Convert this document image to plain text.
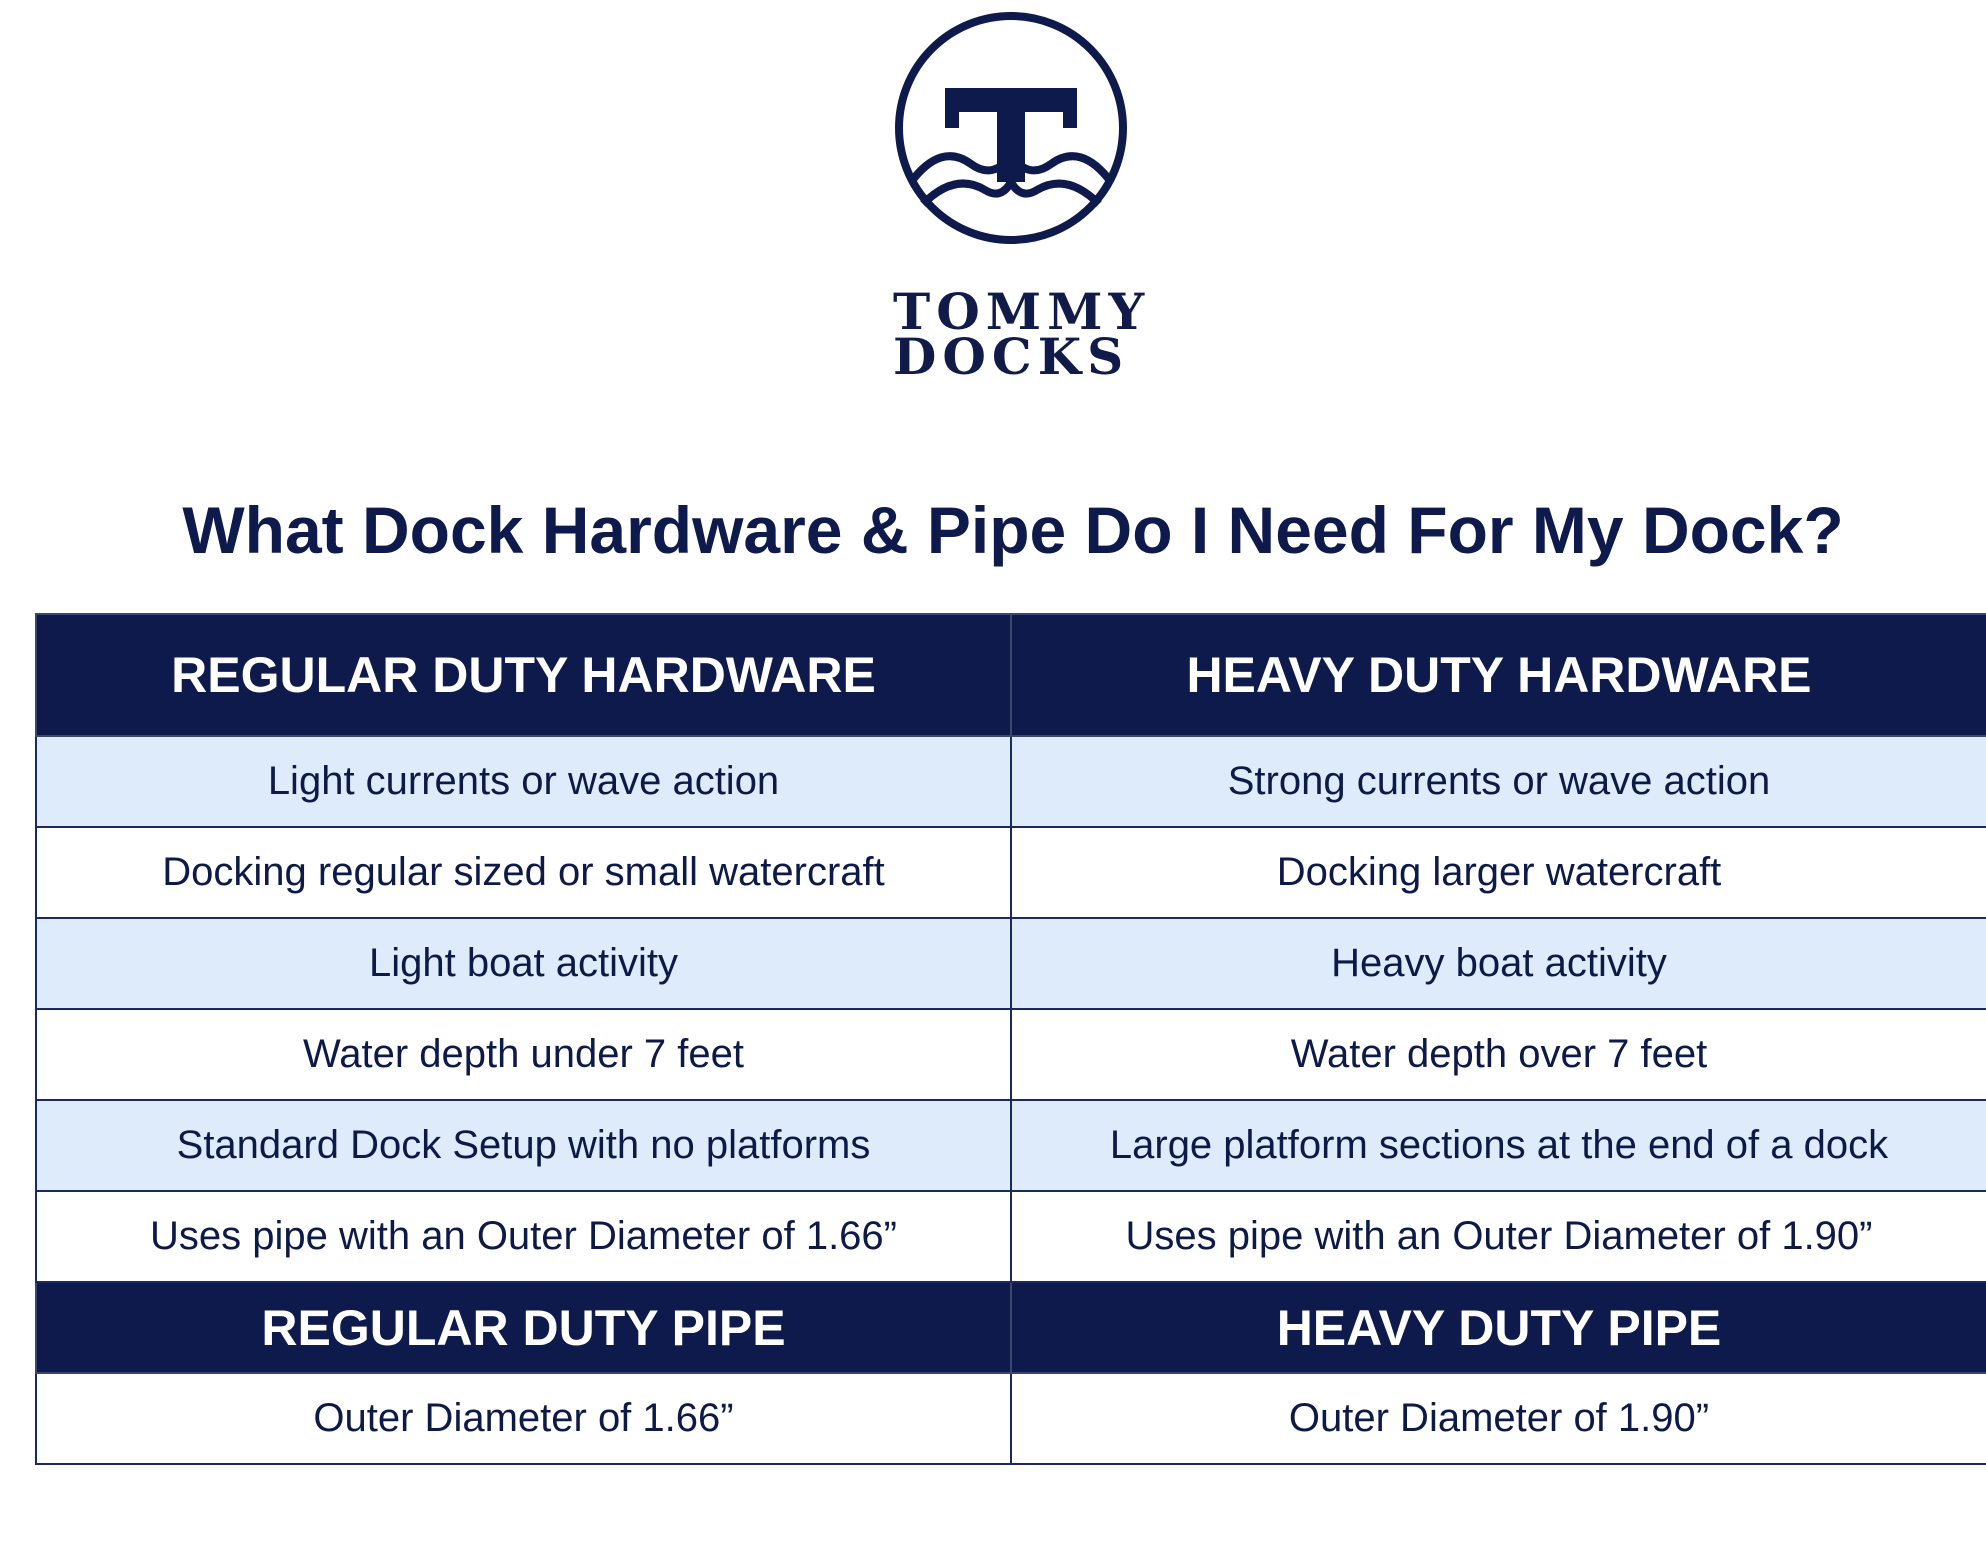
TOMMY
DOCKS
What Dock Hardware & Pipe Do I Need For My Dock?
REGULAR DUTY HARDWARE	HEAVY DUTY HARDWARE
Light currents or wave action	Strong currents or wave action
Docking regular sized or small watercraft	Docking larger watercraft
Light boat activity	Heavy boat activity
Water depth under 7 feet	Water depth over 7 feet
Standard Dock Setup with no platforms	Large platform sections at the end of a dock
Uses pipe with an Outer Diameter of 1.66”	Uses pipe with an Outer Diameter of 1.90”
REGULAR DUTY PIPE	HEAVY DUTY PIPE
Outer Diameter of 1.66”	Outer Diameter of 1.90”
